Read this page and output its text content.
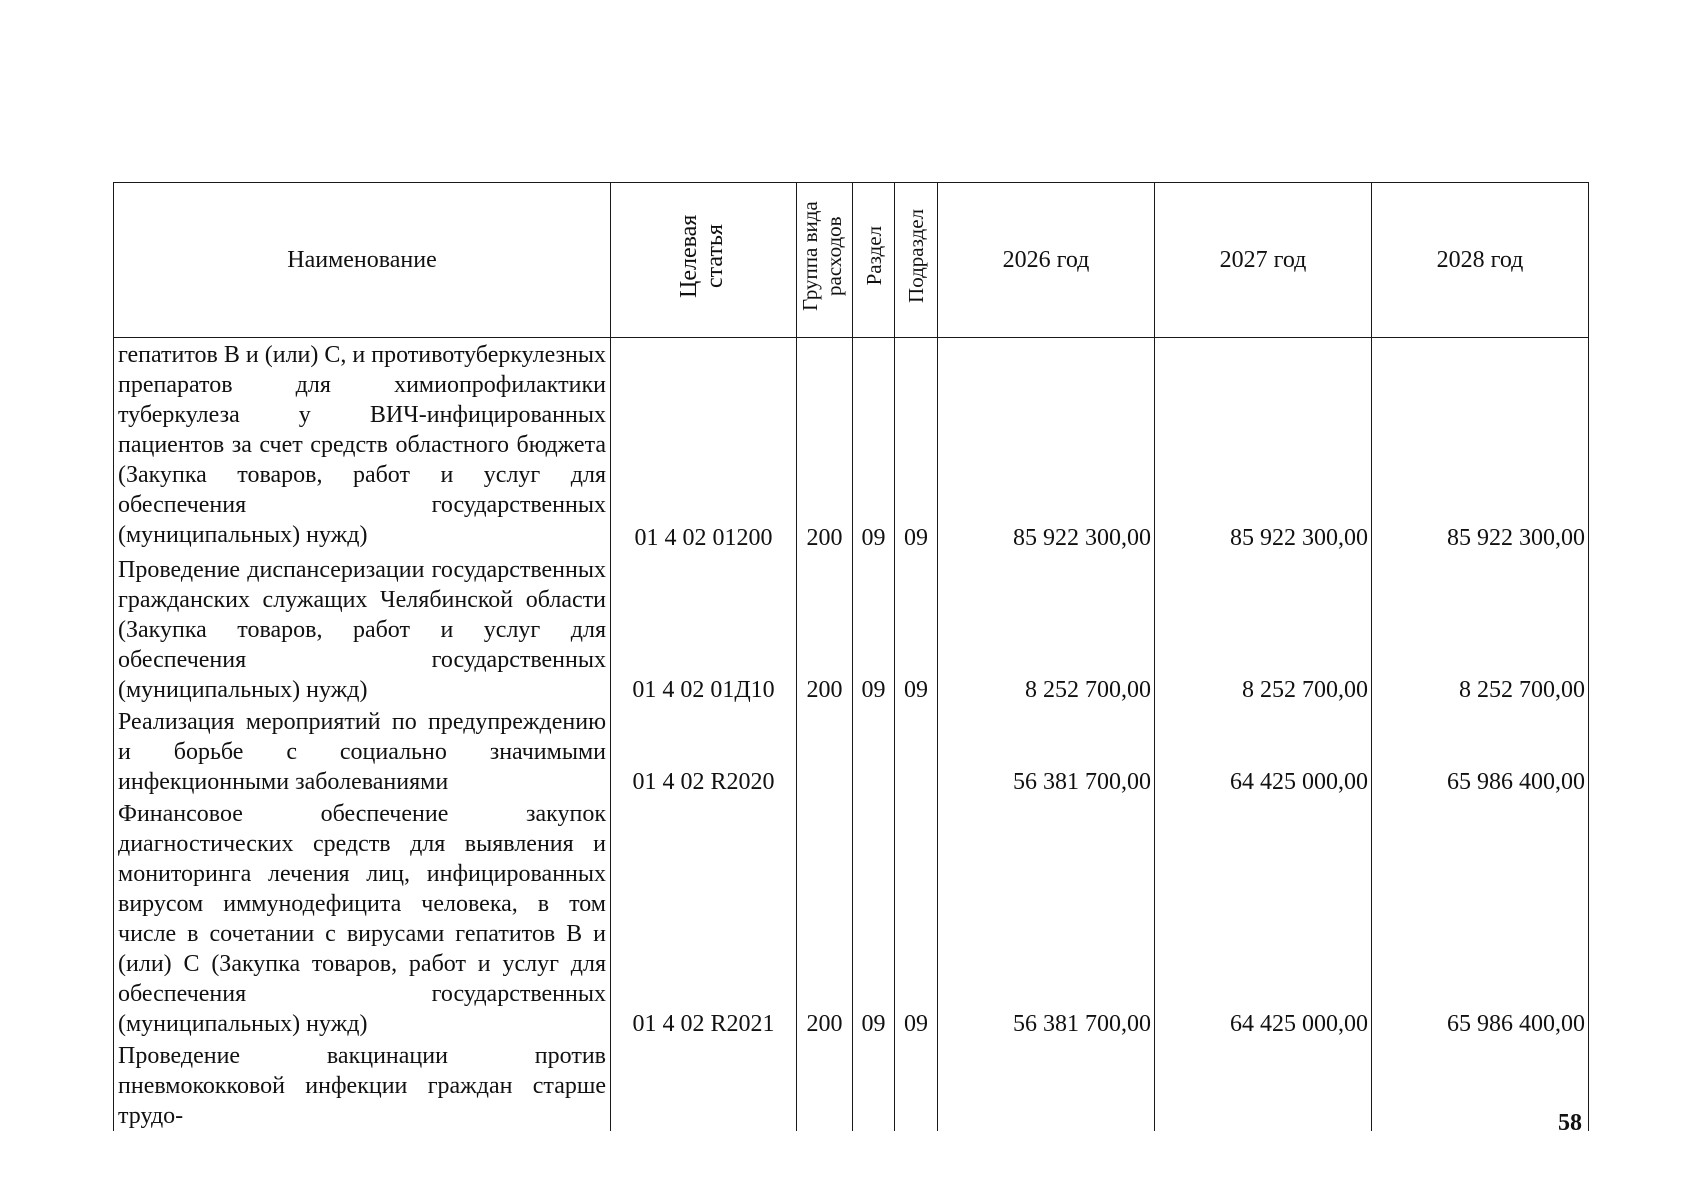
Наименование	Целевая статья	Группа вида расходов	Раздел	Подраздел	2026 год	2027 год	2028 год
гепатитов В и (или) С, и противотуберкулезных препаратов для химиопрофилактики туберкулеза у ВИЧ-инфицированных пациентов за счет средств областного бюджета (Закупка товаров, работ и услуг для обеспечения государственных (муниципальных) нужд)	01 4 02 01200	200	09	09	85 922 300,00	85 922 300,00	85 922 300,00
Проведение диспансеризации государственных гражданских служащих Челябинской области (Закупка товаров, работ и услуг для обеспечения государственных (муниципальных) нужд)	01 4 02 01Д10	200	09	09	8 252 700,00	8 252 700,00	8 252 700,00
Реализация мероприятий по предупреждению и борьбе с социально значимыми инфекционными заболеваниями	01 4 02 R2020				56 381 700,00	64 425 000,00	65 986 400,00
Финансовое обеспечение закупок диагностических средств для выявления и мониторинга лечения лиц, инфицированных вирусом иммунодефицита человека, в том числе в сочетании с вирусами гепатитов В и (или) С (Закупка товаров, работ и услуг для обеспечения государственных (муниципальных) нужд)	01 4 02 R2021	200	09	09	56 381 700,00	64 425 000,00	65 986 400,00
Проведение вакцинации против пневмококковой инфекции граждан старше трудо-								58
